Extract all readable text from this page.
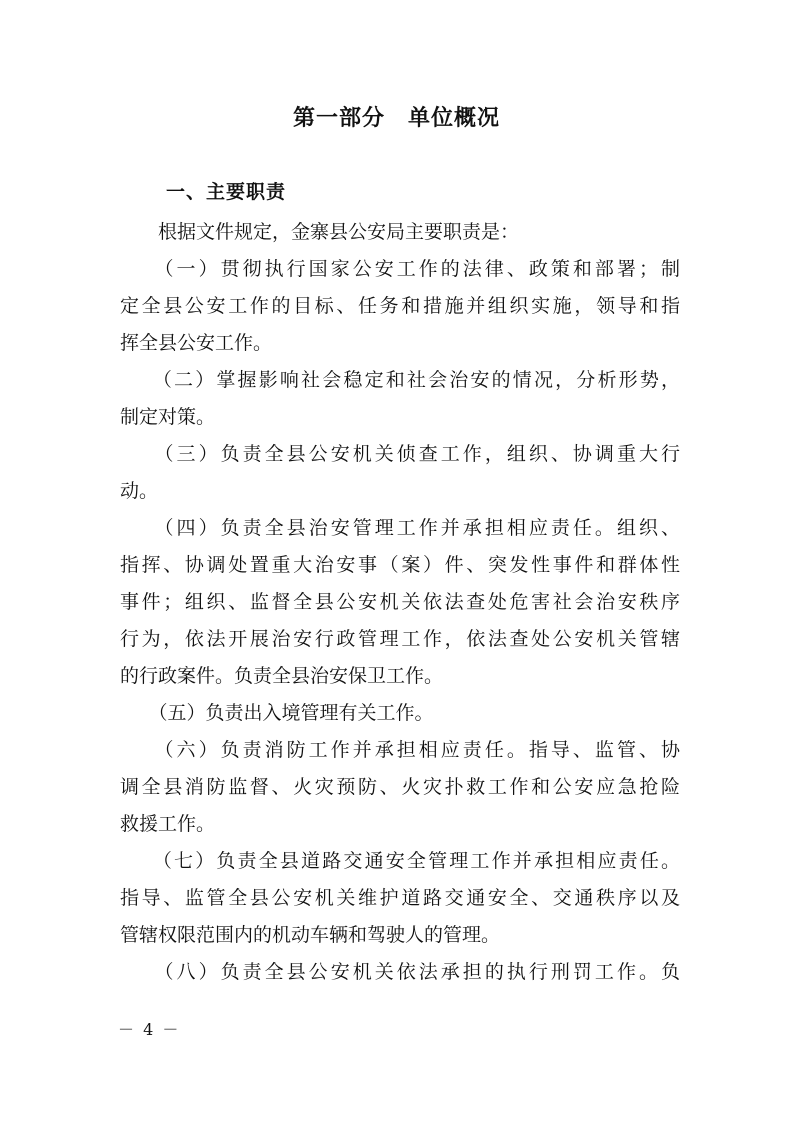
第一部分　单位概况
一、主要职责
　　根据文件规定，金寨县公安局主要职责是：
　　（一）贯彻执行国家公安工作的法律、政策和部署；制
定全县公安工作的目标、任务和措施并组织实施，领导和指
挥全县公安工作。
　　（二）掌握影响社会稳定和社会治安的情况，分析形势，
制定对策。
　　（三）负责全县公安机关侦查工作，组织、协调重大行
动。
　　（四）负责全县治安管理工作并承担相应责任。组织、
指挥、协调处置重大治安事（案）件、突发性事件和群体性
事件；组织、监督全县公安机关依法查处危害社会治安秩序
行为，依法开展治安行政管理工作，依法查处公安机关管辖
的行政案件。负责全县治安保卫工作。
　　（五）负责出入境管理有关工作。
　　（六）负责消防工作并承担相应责任。指导、监管、协
调全县消防监督、火灾预防、火灾扑救工作和公安应急抢险
救援工作。
　　（七）负责全县道路交通安全管理工作并承担相应责任。
指导、监管全县公安机关维护道路交通安全、交通秩序以及
管辖权限范围内的机动车辆和驾驶人的管理。
　　（八）负责全县公安机关依法承担的执行刑罚工作。负
－ 4 －
